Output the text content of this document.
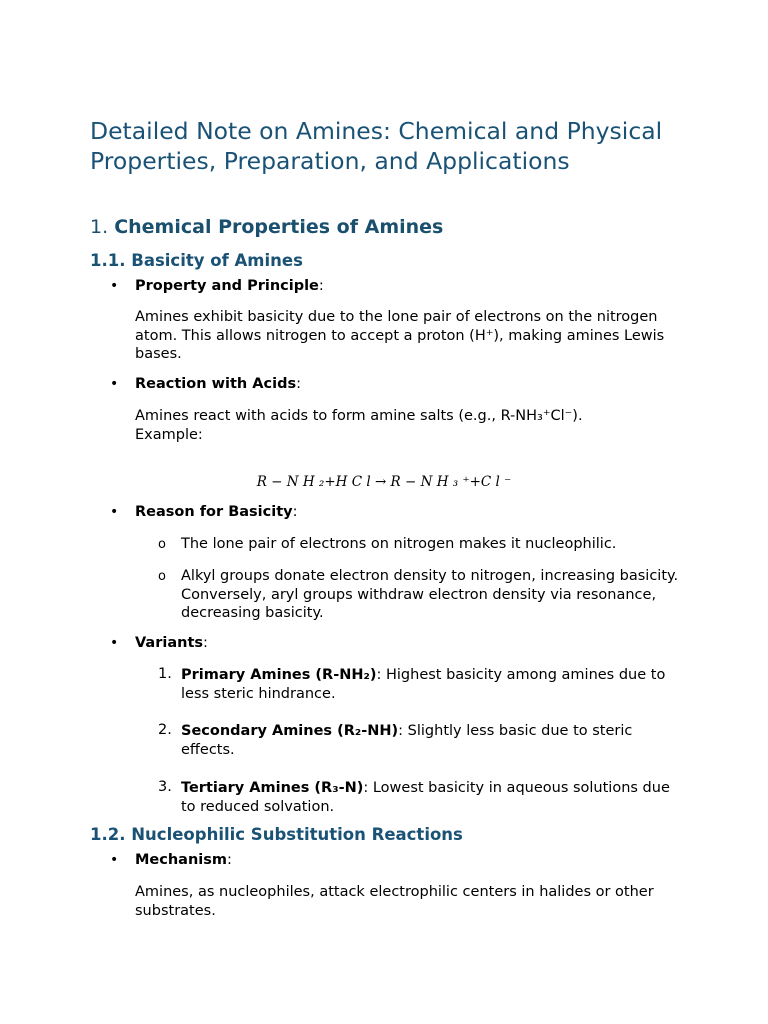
Detailed Note on Amines: Chemical and Physical Properties, Preparation, and Applications
1. Chemical Properties of Amines
1.1. Basicity of Amines
• Property and Principle:
Amines exhibit basicity due to the lone pair of electrons on the nitrogen atom. This allows nitrogen to accept a proton (H⁺), making amines Lewis bases.
• Reaction with Acids:
Amines react with acids to form amine salts (e.g., R-NH₃⁺Cl⁻). Example:
R − N H ₂+H C l → R − N H ₃ ⁺+C l ⁻
• Reason for Basicity:
o The lone pair of electrons on nitrogen makes it nucleophilic.
o Alkyl groups donate electron density to nitrogen, increasing basicity. Conversely, aryl groups withdraw electron density via resonance, decreasing basicity.
• Variants:
1. Primary Amines (R-NH₂): Highest basicity among amines due to less steric hindrance.
2. Secondary Amines (R₂-NH): Slightly less basic due to steric effects.
3. Tertiary Amines (R₃-N): Lowest basicity in aqueous solutions due to reduced solvation.
1.2. Nucleophilic Substitution Reactions
• Mechanism:
Amines, as nucleophiles, attack electrophilic centers in halides or other substrates.
